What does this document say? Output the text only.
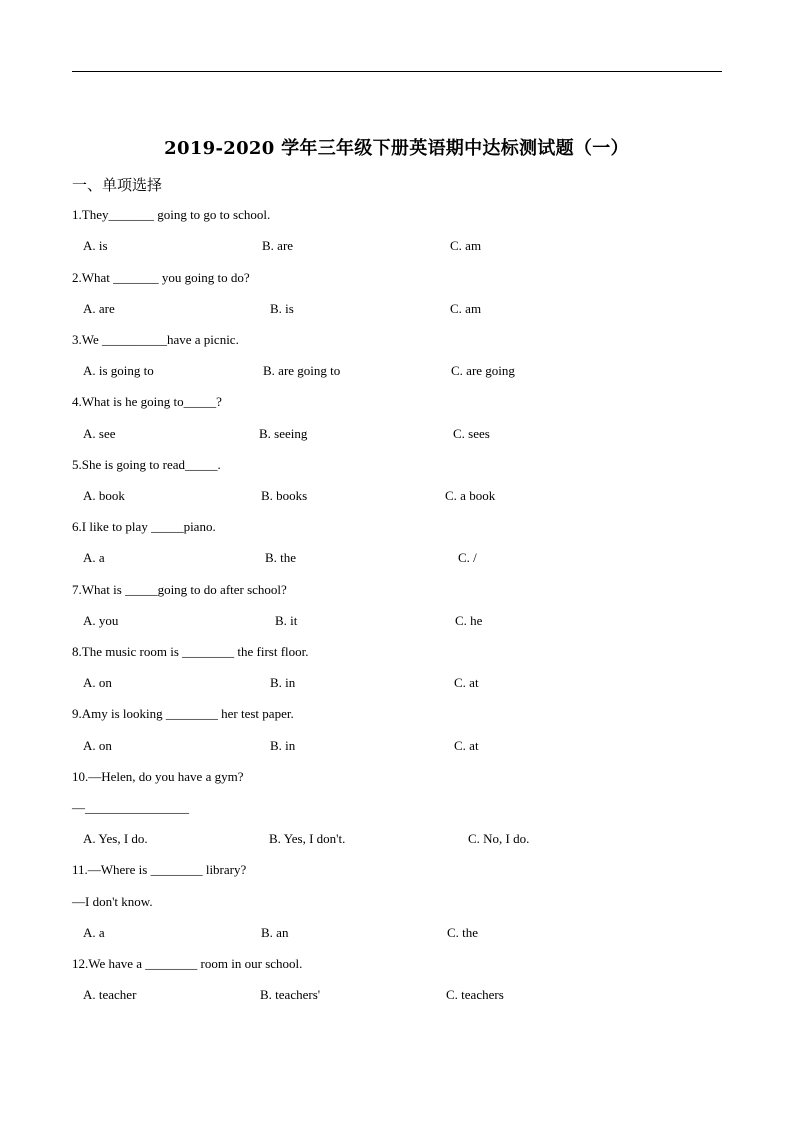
2019-2020 学年三年级下册英语期中达标测试题（一）
一、单项选择
1.They_______ going to go to school.
A. is	B. are	C. am
2.What _______ you going to do?
A. are	B. is	C. am
3.We __________have a picnic.
A. is going to	B. are going to	C. are going
4.What is he going to_____?
A. see	B. seeing	C. sees
5.She is going to read_____.
A. book	B. books	C. a book
6.I like to play _____piano.
A. a	B. the	C. /
7.What is _____going to do after school?
A. you	B. it	C. he
8.The music room is ________ the first floor.
A. on	B. in	C. at
9.Amy is looking ________ her test paper.
A. on	B. in	C. at
10.—Helen, do you have a gym?
—________________
A. Yes, I do.	B. Yes, I don't.	C. No, I do.
11.—Where is ________ library?
—I don't know.
A. a	B. an	C. the
12.We have a ________ room in our school.
A. teacher	B. teachers'	C. teachers
